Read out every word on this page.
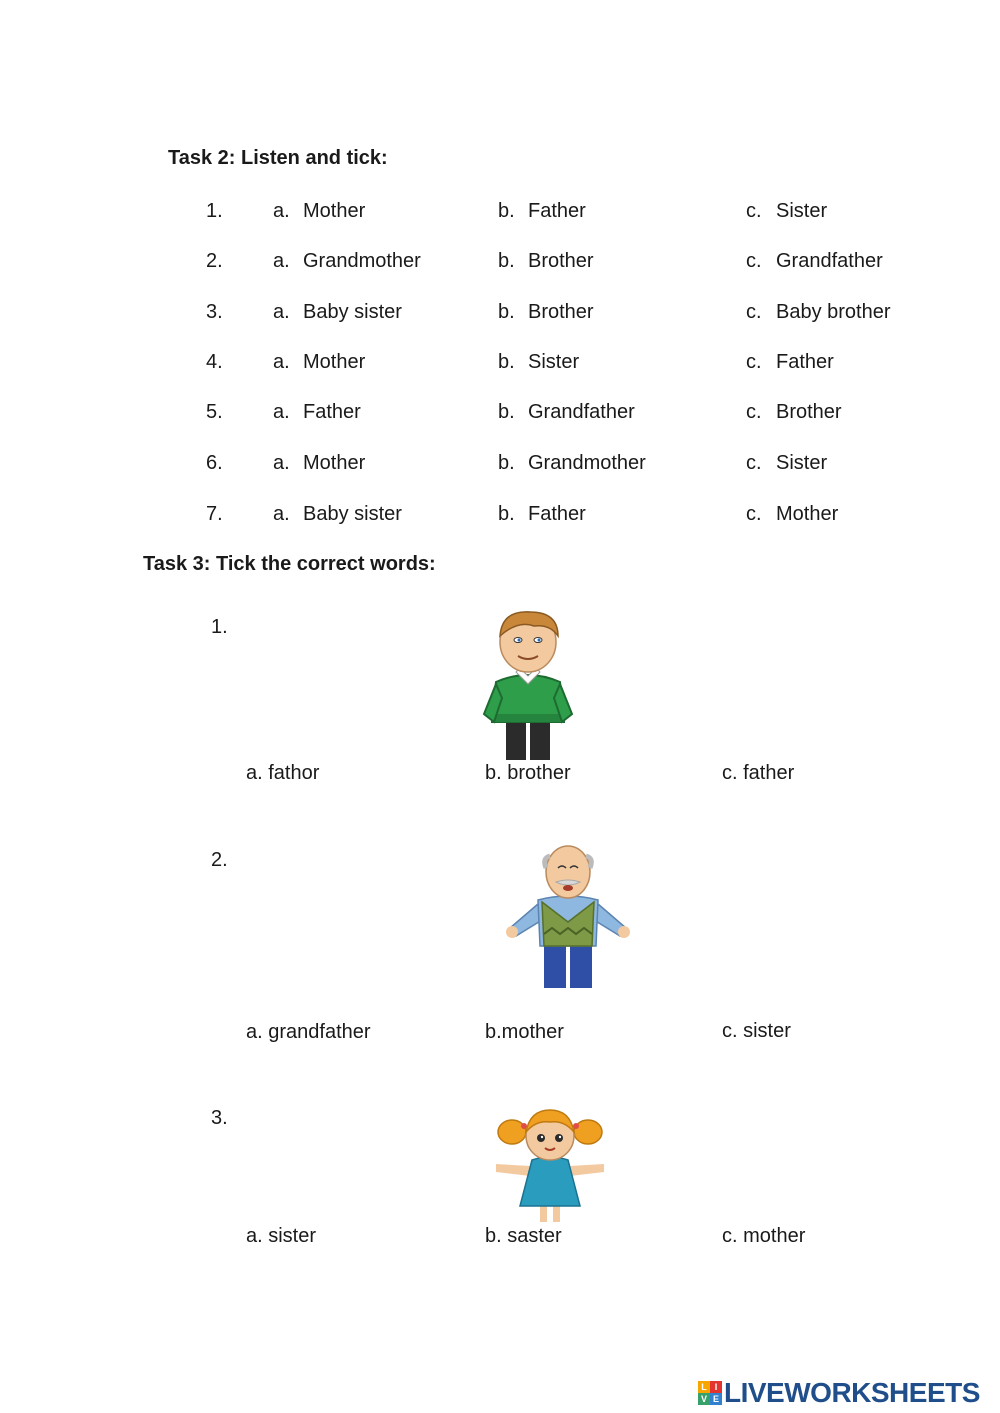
Task 2: Listen and tick:
1.	a. Mother	b. Father	c. Sister
2.	a. Grandmother	b. Brother	c. Grandfather
3.	a. Baby sister	b. Brother	c. Baby brother
4.	a. Mother	b. Sister	c. Father
5.	a. Father	b. Grandfather	c. Brother
6.	a. Mother	b. Grandmother	c. Sister
7.	a. Baby sister	b. Father	c. Mother
Task 3: Tick the correct words:
1.
a. fathor	b. brother	c. father
2.
a. grandfather	b.mother	c. sister
3.
a. sister	b. saster	c. mother
L I
V E LIVEWORKSHEETS
